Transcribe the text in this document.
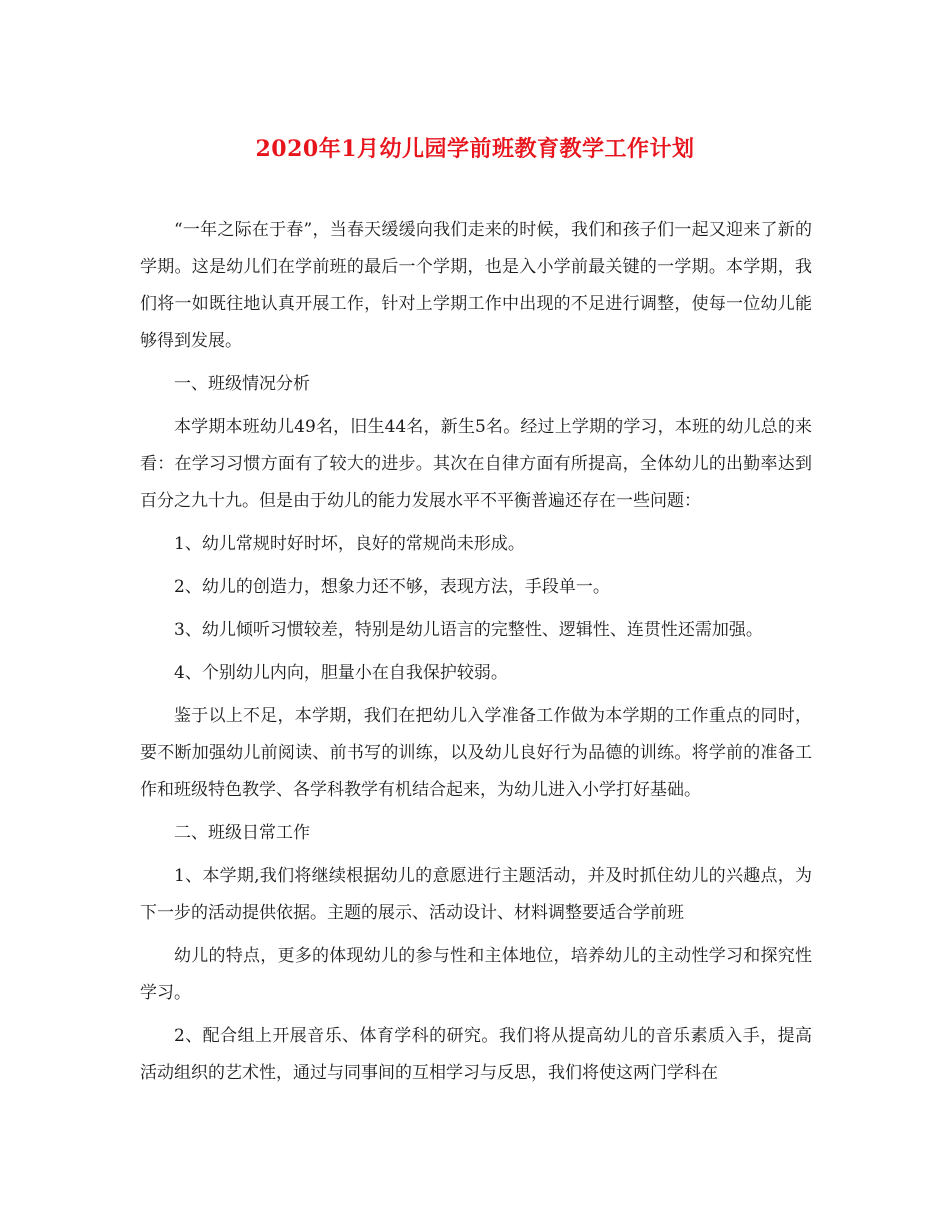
2020年1月幼儿园学前班教育教学工作计划

“一年之际在于春”，当春天缓缓向我们走来的时候，我们和孩子们一起又迎来了新的学期。这是幼儿们在学前班的最后一个学期，也是入小学前最关键的一学期。本学期，我们将一如既往地认真开展工作，针对上学期工作中出现的不足进行调整，使每一位幼儿能够得到发展。

一、班级情况分析

本学期本班幼儿49名，旧生44名，新生5名。经过上学期的学习，本班的幼儿总的来看：在学习习惯方面有了较大的进步。其次在自律方面有所提高，全体幼儿的出勤率达到百分之九十九。但是由于幼儿的能力发展水平不平衡普遍还存在一些问题：

1、幼儿常规时好时坏，良好的常规尚未形成。

2、幼儿的创造力，想象力还不够，表现方法，手段单一。

3、幼儿倾听习惯较差，特别是幼儿语言的完整性、逻辑性、连贯性还需加强。

4、个别幼儿内向，胆量小在自我保护较弱。

鉴于以上不足，本学期，我们在把幼儿入学准备工作做为本学期的工作重点的同时，要不断加强幼儿前阅读、前书写的训练，以及幼儿良好行为品德的训练。将学前的准备工作和班级特色教学、各学科教学有机结合起来，为幼儿进入小学打好基础。

二、班级日常工作

1、本学期,我们将继续根据幼儿的意愿进行主题活动，并及时抓住幼儿的兴趣点，为下一步的活动提供依据。主题的展示、活动设计、材料调整要适合学前班

幼儿的特点，更多的体现幼儿的参与性和主体地位，培养幼儿的主动性学习和探究性学习。

2、配合组上开展音乐、体育学科的研究。我们将从提高幼儿的音乐素质入手，提高活动组织的艺术性，通过与同事间的互相学习与反思，我们将使这两门学科在
